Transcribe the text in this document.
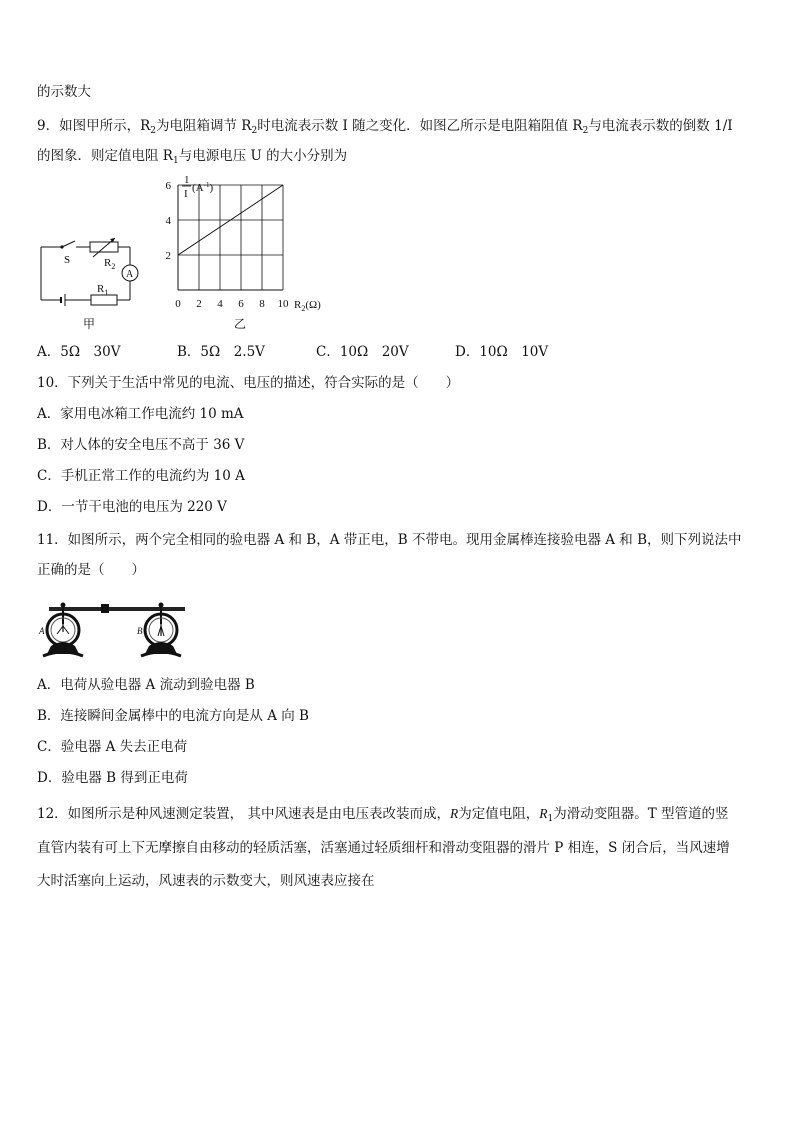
的示数大
9．如图甲所示，$R_2$为电阻箱调节 $R_2$时电流表示数 I 随之变化．如图乙所示是电阻箱阻值 $R_2$与电流表示数的倒数 1/I
的图象．则定值电阻 $R_1$与电源电压 U 的大小分别为
S	$R_2$
A
$R_1$
甲
0 2 4 6 8 10
2
4
6 1
I $(A^{-1})$
$R_2(\Omega)$
乙
A．5Ω　30V	B．5Ω　2.5V	C．10Ω　20V	D．10Ω　10V
10．下列关于生活中常见的电流、电压的描述，符合实际的是（　　）
A．家用电冰箱工作电流约 10 mA
B．对人体的安全电压不高于 36 V
C．手机正常工作的电流约为 10 A
D．一节干电池的电压为 220 V
11．如图所示，两个完全相同的验电器 A 和 B，A 带正电，B 不带电。现用金属棒连接验电器 A 和 B，则下列说法中
正确的是（　　）
A	B
A．电荷从验电器 A 流动到验电器 B
B．连接瞬间金属棒中的电流方向是从 A 向 B
C．验电器 A 失去正电荷
D．验电器 B 得到正电荷
12．如图所示是种风速测定装置， 其中风速表是由电压表改装而成，R为定值电阻，$R_1$为滑动变阻器。T 型管道的竖
直管内装有可上下无摩擦自由移动的轻质活塞，活塞通过轻质细杆和滑动变阻器的滑片 P 相连，S 闭合后，当风速增
大时活塞向上运动，风速表的示数变大，则风速表应接在
